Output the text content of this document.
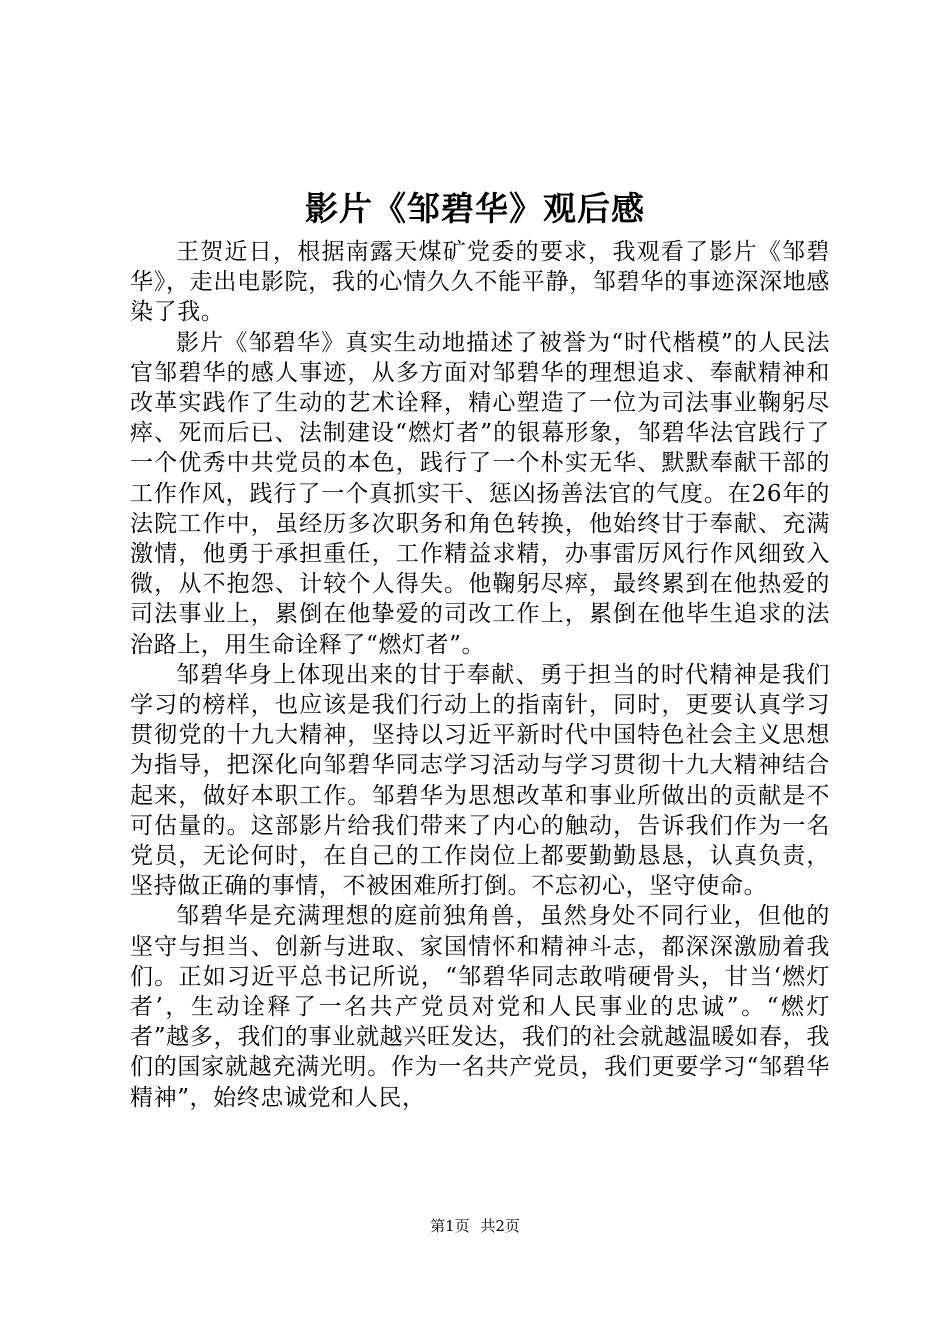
影片《邹碧华》观后感

王贺近日，根据南露天煤矿党委的要求，我观看了影片《邹碧华》，走出电影院，我的心情久久不能平静，邹碧华的事迹深深地感染了我。

影片《邹碧华》真实生动地描述了被誉为“时代楷模”的人民法官邹碧华的感人事迹，从多方面对邹碧华的理想追求、奉献精神和改革实践作了生动的艺术诠释，精心塑造了一位为司法事业鞠躬尽瘁、死而后已、法制建设“燃灯者”的银幕形象，邹碧华法官践行了一个优秀中共党员的本色，践行了一个朴实无华、默默奉献干部的工作作风，践行了一个真抓实干、惩凶扬善法官的气度。在26年的法院工作中，虽经历多次职务和角色转换，他始终甘于奉献、充满激情，他勇于承担重任，工作精益求精，办事雷厉风行作风细致入微，从不抱怨、计较个人得失。他鞠躬尽瘁，最终累到在他热爱的司法事业上，累倒在他挚爱的司改工作上，累倒在他毕生追求的法治路上，用生命诠释了“燃灯者”。

邹碧华身上体现出来的甘于奉献、勇于担当的时代精神是我们学习的榜样，也应该是我们行动上的指南针，同时，更要认真学习贯彻党的十九大精神，坚持以习近平新时代中国特色社会主义思想为指导，把深化向邹碧华同志学习活动与学习贯彻十九大精神结合起来，做好本职工作。邹碧华为思想改革和事业所做出的贡献是不可估量的。这部影片给我们带来了内心的触动，告诉我们作为一名党员，无论何时，在自己的工作岗位上都要勤勤恳恳，认真负责，坚持做正确的事情，不被困难所打倒。不忘初心，坚守使命。

邹碧华是充满理想的庭前独角兽，虽然身处不同行业，但他的坚守与担当、创新与进取、家国情怀和精神斗志，都深深激励着我们。正如习近平总书记所说，“邹碧华同志敢啃硬骨头，甘当‘燃灯者’，生动诠释了一名共产党员对党和人民事业的忠诚”。“燃灯者”越多，我们的事业就越兴旺发达，我们的社会就越温暖如春，我们的国家就越充满光明。作为一名共产党员，我们更要学习“邹碧华精神”，始终忠诚党和人民，

第1页 共2页
